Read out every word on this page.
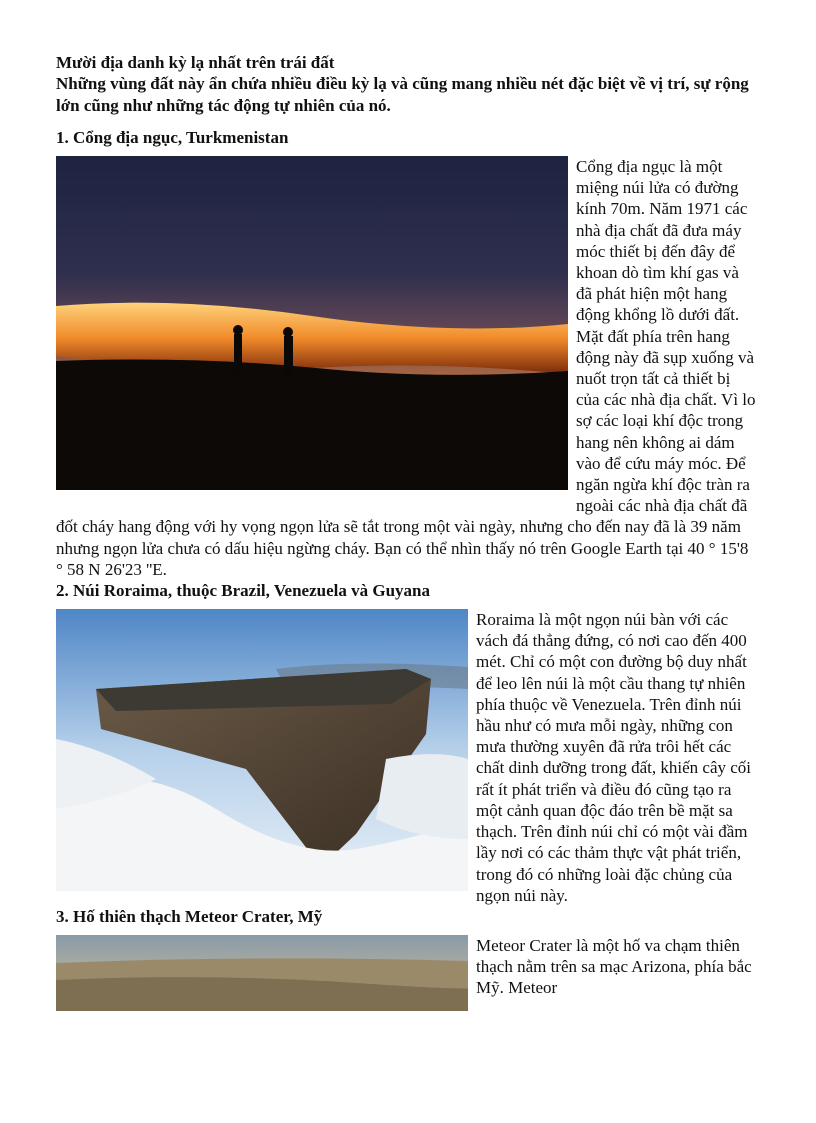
Mười địa danh kỳ lạ nhất trên trái đất

Những vùng đất này ẩn chứa nhiều điều kỳ lạ và cũng mang nhiều nét đặc biệt về vị trí, sự rộng lớn cũng như những tác động tự nhiên của nó.

1. Cổng địa ngục, Turkmenistan

Cổng địa ngục là một miệng núi lửa có đường kính 70m. Năm 1971 các nhà địa chất đã đưa máy móc thiết bị đến đây để khoan dò tìm khí gas và đã phát hiện một hang động khổng lồ dưới đất. Mặt đất phía trên hang động này đã sụp xuống và nuốt trọn tất cả thiết bị của các nhà địa chất. Vì lo sợ các loại khí độc trong hang nên không ai dám vào để cứu máy móc. Để ngăn ngừa khí độc tràn ra ngoài các nhà địa chất đã đốt cháy hang động với hy vọng ngọn lửa sẽ tắt trong một vài ngày, nhưng cho đến nay đã là 39 năm nhưng ngọn lửa chưa có dấu hiệu ngừng cháy. Bạn có thể nhìn thấy nó trên Google Earth tại 40 ° 15'8 ° 58 N 26'23 ''E.

2. Núi Roraima, thuộc Brazil, Venezuela và Guyana

Roraima là một ngọn núi bàn với các vách đá thẳng đứng, có nơi cao đến 400 mét. Chỉ có một con đường bộ duy nhất để leo lên núi là một cầu thang tự nhiên phía thuộc về Venezuela. Trên đỉnh núi hầu như có mưa mỗi ngày, những con mưa thường xuyên đã rửa trôi hết các chất dinh dưỡng trong đất, khiến cây cối rất ít phát triển và điều đó cũng tạo ra một cảnh quan độc đáo trên bề mặt sa thạch. Trên đỉnh núi chỉ có một vài đầm lầy nơi có các thảm thực vật phát triển, trong đó có những loài đặc chủng của ngọn núi này.

3. Hố thiên thạch Meteor Crater, Mỹ

Meteor Crater là một hố va chạm thiên thạch nằm trên sa mạc Arizona, phía bắc Mỹ. Meteor
